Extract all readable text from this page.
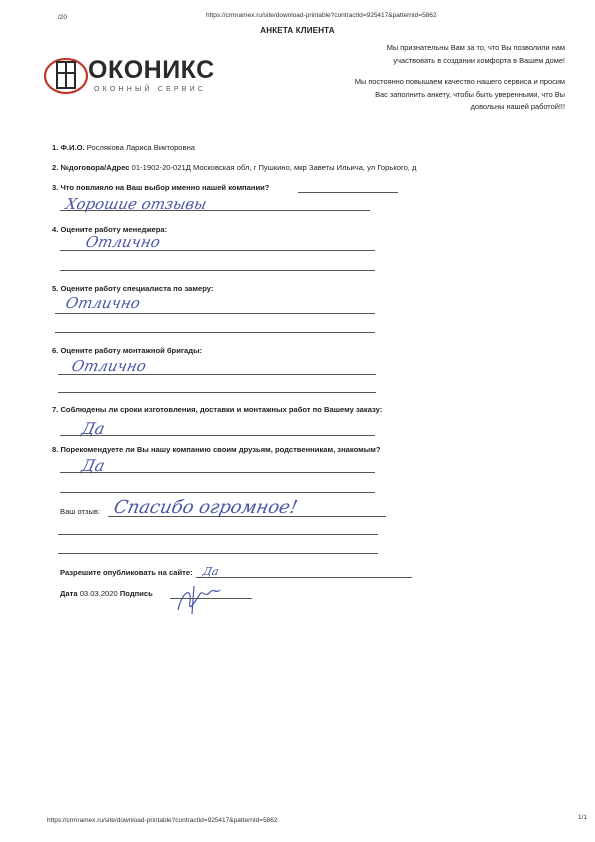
/20	https://crmramex.ru/site/download-printable?contractId=925417&patternId=5862
АНКЕТА КЛИЕНТА
ОКОНИКС
ОКОННЫЙ СЕРВИС
Мы признательны Вам за то, что Вы позволили нам
участвовать в создании комфорта в Вашем доме!
Мы постоянно повышаем качество нашего сервиса и просим
Вас заполнить анкету, чтобы быть уверенными, что Вы
довольны нашей работой!!!
1. Ф.И.О. Рослякова Лариса Викторовна
2. №договора/Адрес 01-1902-20-021Д Московская обл, г Пушкино, мкр Заветы Ильича, ул Горького, д
3. Что повлияло на Ваш выбор именно нашей компании?
Хорошие отзывы
4. Оцените работу менеджера:
Отлично
5. Оцените работу специалиста по замеру:
Отлично
6. Оцените работу монтажной бригады:
Отлично
7. Соблюдены ли сроки изготовления, доставки и монтажных работ по Вашему заказу:
Да
8. Порекомендуете ли Вы нашу компанию своим друзьям, родственникам, знакомым?
Да
Ваш отзыв: Спасибо огромное!
Разрешите опубликовать на сайте: Да
Дата 03.03.2020 Подпись
https://crmramex.ru/site/download-printable?contractId=925417&patternId=5862	1/1
